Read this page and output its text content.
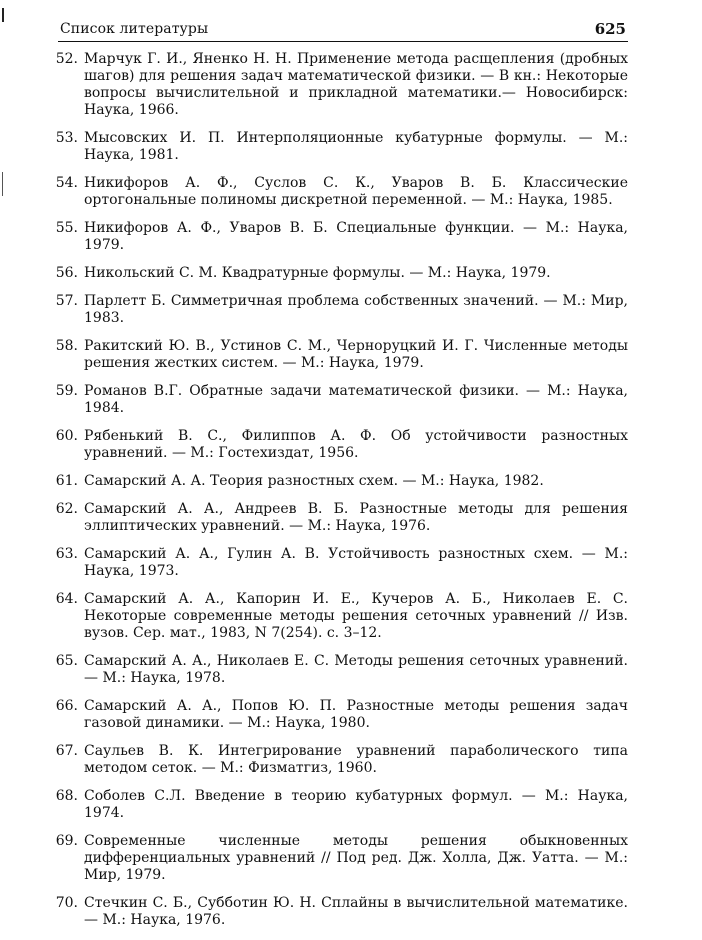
Список литературы	625
52. Марчук Г. И., Яненко Н. Н. Применение метода расщепления (дробных шагов) для решения задач математической физики. — В кн.: Некоторые вопросы вычислительной и прикладной математики.— Новосибирск: Наука, 1966.
53. Мысовских И. П. Интерполяционные кубатурные формулы. — М.: Наука, 1981.
54. Никифоров А. Ф., Суслов С. К., Уваров В. Б. Классические ортогональные полиномы дискретной переменной. — М.: Наука, 1985.
55. Никифоров А. Ф., Уваров В. Б. Специальные функции. — М.: Наука, 1979.
56. Никольский С. М. Квадратурные формулы. — М.: Наука, 1979.
57. Парлетт Б. Симметричная проблема собственных значений. — М.: Мир, 1983.
58. Ракитский Ю. В., Устинов С. М., Черноруцкий И. Г. Численные методы решения жестких систем. — М.: Наука, 1979.
59. Романов В.Г. Обратные задачи математической физики. — М.: Наука, 1984.
60. Рябенький В. С., Филиппов А. Ф. Об устойчивости разностных уравнений. — М.: Гостехиздат, 1956.
61. Самарский А. А. Теория разностных схем. — М.: Наука, 1982.
62. Самарский А. А., Андреев В. Б. Разностные методы для решения эллиптических уравнений. — М.: Наука, 1976.
63. Самарский А. А., Гулин А. В. Устойчивость разностных схем. — М.: Наука, 1973.
64. Самарский А. А., Капорин И. Е., Кучеров А. Б., Николаев Е. С. Некоторые современные методы решения сеточных уравнений // Изв. вузов. Сер. мат., 1983, N 7(254). с. 3–12.
65. Самарский А. А., Николаев Е. С. Методы решения сеточных уравнений. — М.: Наука, 1978.
66. Самарский А. А., Попов Ю. П. Разностные методы решения задач газовой динамики. — М.: Наука, 1980.
67. Саульев В. К. Интегрирование уравнений параболического типа методом сеток. — М.: Физматгиз, 1960.
68. Соболев С.Л. Введение в теорию кубатурных формул. — М.: Наука, 1974.
69. Современные численные методы решения обыкновенных дифференциальных уравнений // Под ред. Дж. Холла, Дж. Уатта. — М.: Мир, 1979.
70. Стечкин С. Б., Субботин Ю. Н. Сплайны в вычислительной математике. — М.: Наука, 1976.
